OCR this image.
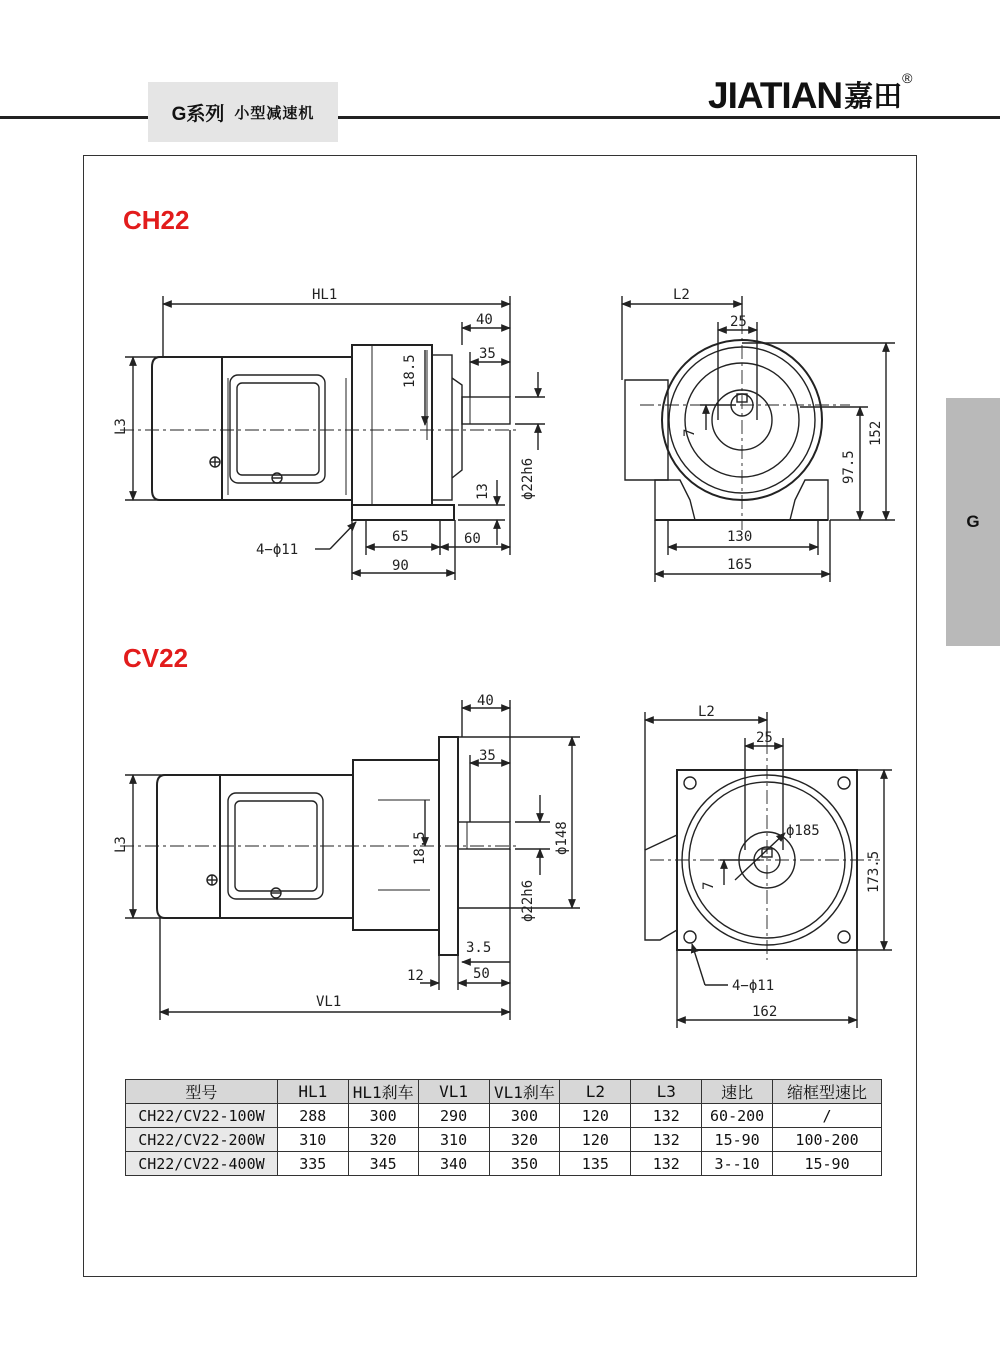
G系列 小型减速机	JIATIAN 嘉田
®
G
CH22
CV22
HL1
40
35
18.5
ϕ22h6
13
65	60
90
L3
4−ϕ11
L2
25
7	152
97.5
130
165
40
35
18.5	ϕ148
ϕ22h6
3.5
12	50
VL1
L3
L2
25
ϕ185
7	173.5
4−ϕ11
162
型号	HL1	HL1刹车	VL1	VL1刹车	L2	L3	速比	缩框型速比
CH22/CV22-100W	288	300	290	300	120	132	60-200	/
CH22/CV22-200W	310	320	310	320	120	132	15-90	100-200
CH22/CV22-400W	335	345	340	350	135	132	3--10	15-90
